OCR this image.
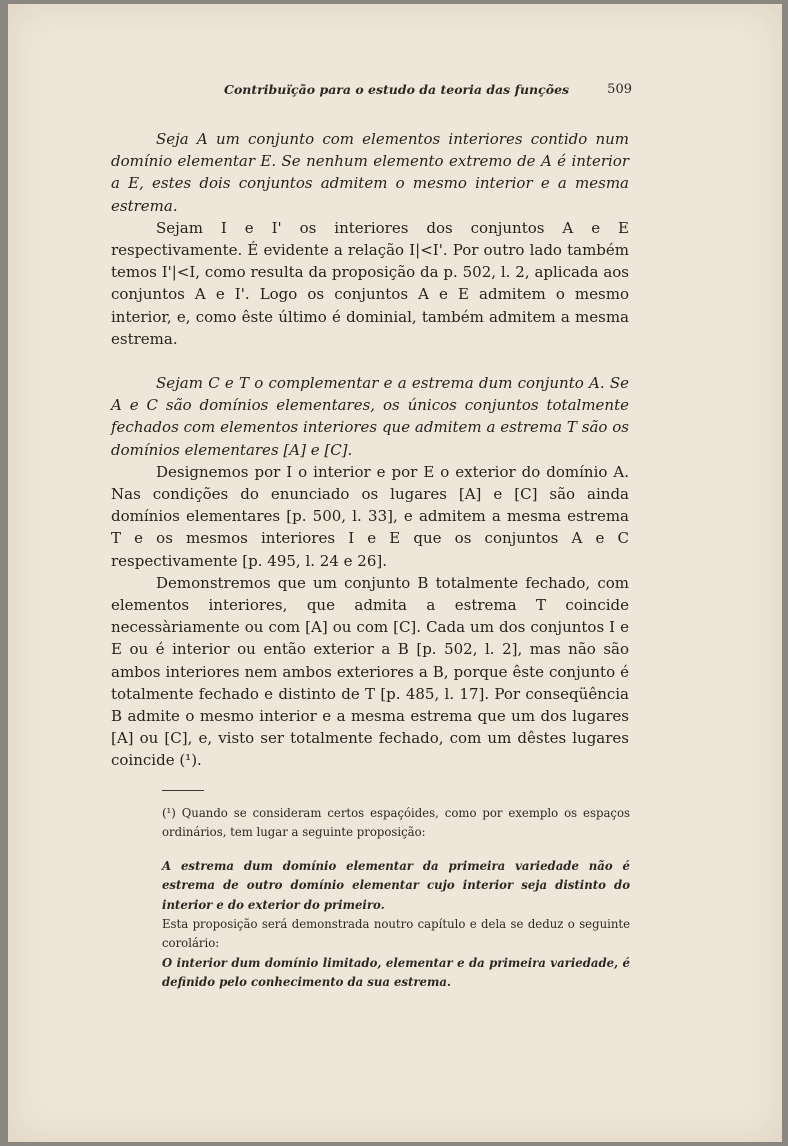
Contribuïção para o estudo da teoria das funções	509

Seja A um conjunto com elementos interiores contido num domínio elementar E. Se nenhum elemento extremo de A é interior a E, estes dois conjuntos admitem o mesmo interior e a mesma estrema.

Sejam I e I' os interiores dos conjuntos A e E respectivamente. É evidente a relação I|<I'. Por outro lado também temos I'|<I, como resulta da proposição da p. 502, l. 2, aplicada aos conjuntos A e I'. Logo os conjuntos A e E admitem o mesmo interior, e, como êste último é dominial, também admitem a mesma estrema.

Sejam C e T o complementar e a estrema dum conjunto A. Se A e C são domínios elementares, os únicos conjuntos totalmente fechados com elementos interiores que admitem a estrema T são os domínios elementares [A] e [C].

Designemos por I o interior e por E o exterior do domínio A. Nas condições do enunciado os lugares [A] e [C] são ainda domínios elementares [p. 500, l. 33], e admitem a mesma estrema T e os mesmos interiores I e E que os conjuntos A e C respectivamente [p. 495, l. 24 e 26].

Demonstremos que um conjunto B totalmente fechado, com elementos interiores, que admita a estrema T coincide necessàriamente ou com [A] ou com [C]. Cada um dos conjuntos I e E ou é interior ou então exterior a B [p. 502, l. 2], mas não são ambos interiores nem ambos exteriores a B, porque êste conjunto é totalmente fechado e distinto de T [p. 485, l. 17]. Por conseqüência B admite o mesmo interior e a mesma estrema que um dos lugares [A] ou [C], e, visto ser totalmente fechado, com um dêstes lugares coincide (¹).

(¹) Quando se consideram certos espaçóides, como por exemplo os espaços ordinários, tem lugar a seguinte proposição:

A estrema dum domínio elementar da primeira variedade não é estrema de outro domínio elementar cujo interior seja distinto do interior e do exterior do primeiro.

Esta proposição será demonstrada noutro capítulo e dela se deduz o seguinte corolário:

O interior dum domínio limitado, elementar e da primeira variedade, é definido pelo conhecimento da sua estrema.
